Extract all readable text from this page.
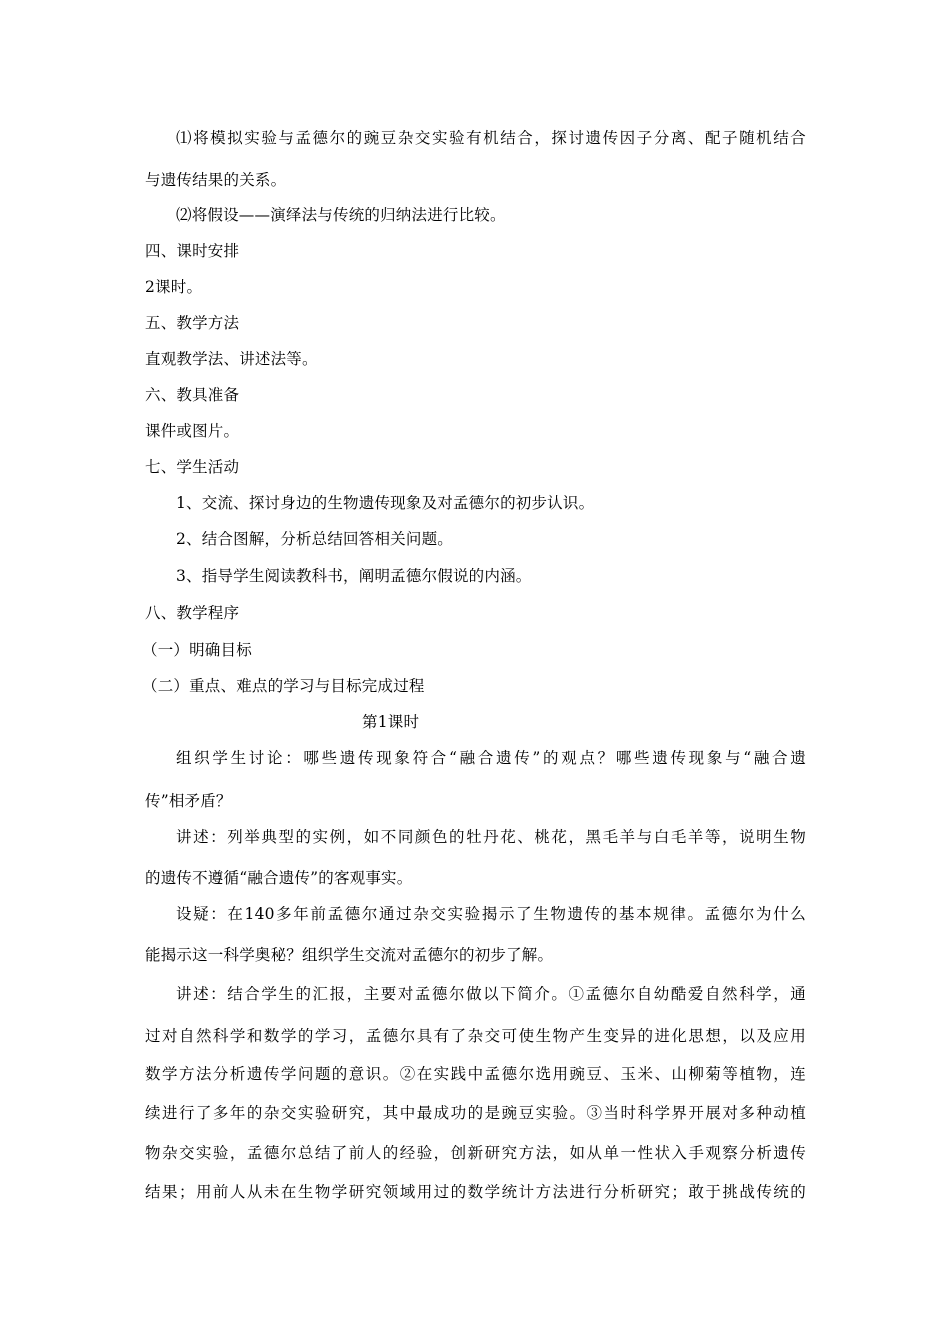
⑴将模拟实验与孟德尔的豌豆杂交实验有机结合，探讨遗传因子分离、配子随机结合
与遗传结果的关系。
⑵将假设——演绎法与传统的归纳法进行比较。
四、课时安排
2课时。
五、教学方法
直观教学法、讲述法等。
六、教具准备
课件或图片。
七、学生活动
1、交流、探讨身边的生物遗传现象及对孟德尔的初步认识。
2、结合图解，分析总结回答相关问题。
3、指导学生阅读教科书，阐明孟德尔假说的内涵。
八、教学程序
（一）明确目标
（二）重点、难点的学习与目标完成过程
第1课时
组织学生讨论：哪些遗传现象符合“融合遗传”的观点？哪些遗传现象与“融合遗
传”相矛盾？
讲述：列举典型的实例，如不同颜色的牡丹花、桃花，黑毛羊与白毛羊等，说明生物
的遗传不遵循“融合遗传”的客观事实。
设疑：在140多年前孟德尔通过杂交实验揭示了生物遗传的基本规律。孟德尔为什么
能揭示这一科学奥秘？组织学生交流对孟德尔的初步了解。
讲述：结合学生的汇报，主要对孟德尔做以下简介。①孟德尔自幼酷爱自然科学，通
过对自然科学和数学的学习，孟德尔具有了杂交可使生物产生变异的进化思想，以及应用
数学方法分析遗传学问题的意识。②在实践中孟德尔选用豌豆、玉米、山柳菊等植物，连
续进行了多年的杂交实验研究，其中最成功的是豌豆实验。③当时科学界开展对多种动植
物杂交实验，孟德尔总结了前人的经验，创新研究方法，如从单一性状入手观察分析遗传
结果；用前人从未在生物学研究领域用过的数学统计方法进行分析研究；敢于挑战传统的
